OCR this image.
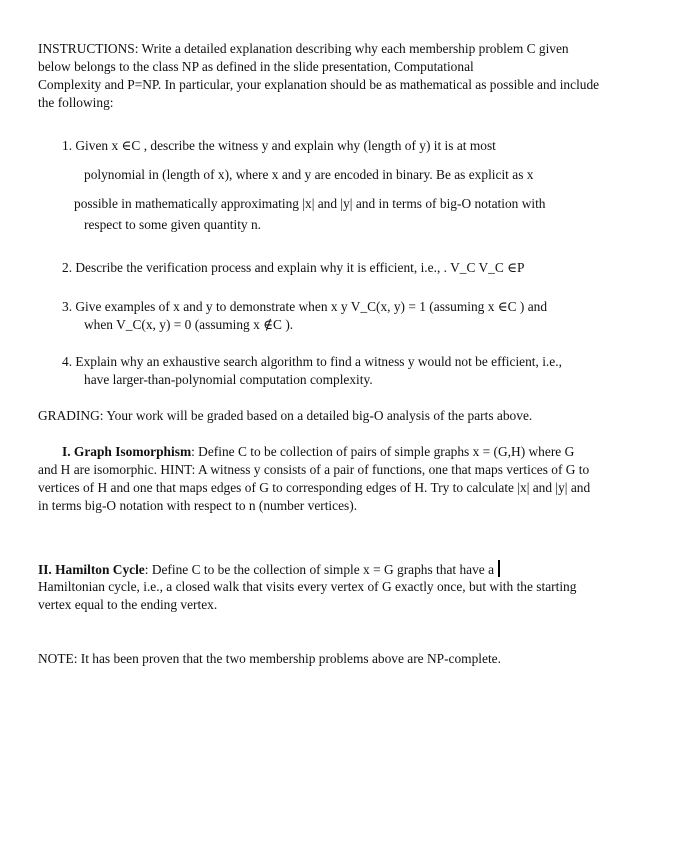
INSTRUCTIONS: Write a detailed explanation describing why each membership problem C given

below belongs to the class NP as defined in the slide presentation, Computational

Complexity and P=NP. In particular, your explanation should be as mathematical as possible and include

the following:

1. Given x ∈C , describe the witness y and explain why (length of y) it is at most

polynomial in (length of x), where x and y are encoded in binary. Be as explicit as x

possible in mathematically approximating |x| and |y| and in terms of big-O notation with

respect to some given quantity n.

2. Describe the verification process and explain why it is efficient, i.e., . V_C V_C ∈P

3. Give examples of x and y to demonstrate when x y V_C(x, y) = 1 (assuming x ∈C ) and

when V_C(x, y) = 0 (assuming x ∉C ).

4. Explain why an exhaustive search algorithm to find a witness y would not be efficient, i.e.,

have larger-than-polynomial computation complexity.

GRADING: Your work will be graded based on a detailed big-O analysis of the parts above.

I. Graph Isomorphism: Define C to be collection of pairs of simple graphs x = (G,H) where G

and H are isomorphic. HINT: A witness y consists of a pair of functions, one that maps vertices of G to

vertices of H and one that maps edges of G to corresponding edges of H. Try to calculate |x| and |y| and

in terms big-O notation with respect to n (number vertices).

II. Hamilton Cycle: Define C to be the collection of simple x = G graphs that have a

Hamiltonian cycle, i.e., a closed walk that visits every vertex of G exactly once, but with the starting

vertex equal to the ending vertex.

NOTE: It has been proven that the two membership problems above are NP-complete.
